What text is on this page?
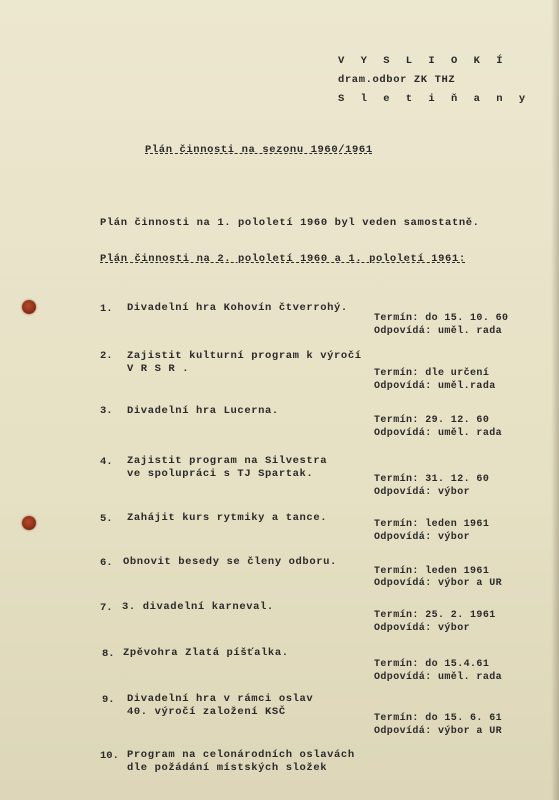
V Y S L I O K Í
dram.odbor ZK THZ
S l e t i ň a n y
Plán činnosti na sezonu 1960/1961
Plán činnosti na 1. pololetí 1960 byl veden samostatně.
Plán činnosti na 2. pololetí 1960 a 1. pololetí 1961:
1. Divadelní hra Kohovín čtverrohý.
Termín: do 15. 10. 60
Odpovídá: uměl. rada
2. Zajistit kulturní program k výročí
V R S R .	Termín: dle určení
Odpovídá: uměl.rada
3. Divadelní hra Lucerna.
Termín: 29. 12. 60
Odpovídá: uměl. rada
4. Zajistit program na Silvestra
ve spolupráci s TJ Spartak.	Termín: 31. 12. 60
Odpovídá: výbor
5. Zahájit kurs rytmiky a tance.
Termín: leden 1961
Odpovídá: výbor
6. Obnovit besedy se členy odboru.
Termín: leden 1961
Odpovídá: výbor a UR
7. 3. divadelní karneval.
Termín: 25. 2. 1961
Odpovídá: výbor
8. Zpěvohra Zlatá píšťalka.
Termín: do 15.4.61
Odpovídá: uměl. rada
9. Divadelní hra v rámci oslav
40. výročí založení KSČ
Termín: do 15. 6. 61
Odpovídá: výbor a UR
10. Program na celonárodních oslavách
dle požádání místských složek
